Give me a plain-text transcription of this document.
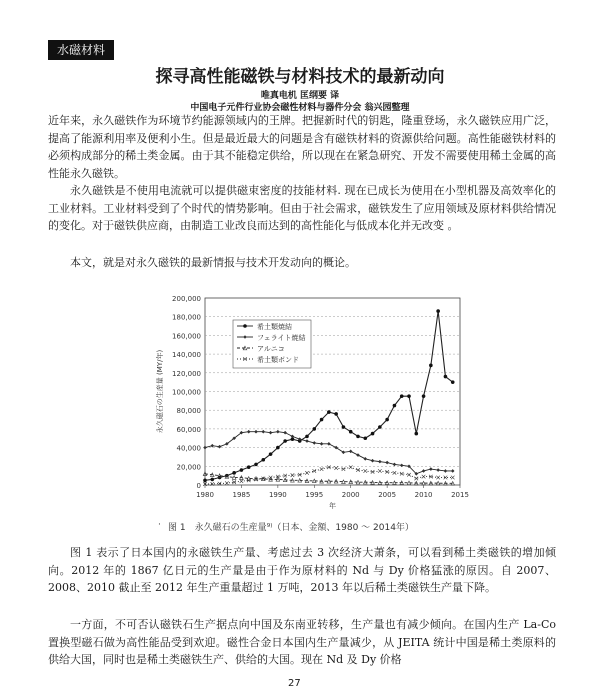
水磁材料
探寻高性能磁铁与材料技术的最新动向
唯真电机 匡纲要 译
中国电子元件行业协会磁性材料与器件分会 翁兴园整理

近年来，永久磁铁作为环境节约能源领域内的王牌。把握新时代的钥匙，隆重登场，永久磁铁应用广泛，提高了能源利用率及便利小生。但是最近最大的问题是含有磁铁材料的资源供给问题。高性能磁铁材料的必须构成部分的稀土类金属。由于其不能稳定供给，所以现在在紧急研究、开发不需要使用稀土金属的高性能永久磁铁。

永久磁铁是不使用电流就可以提供磁束密度的技能材料. 现在已成长为使用在小型机器及高效率化的工业材料。工业材料受到了个时代的情势影响。但由于社会需求，磁铁发生了应用领域及原材料供给情况的变化。对于磁铁供应商，由制造工业改良而达到的高性能化与低成本化并无改变 。

本文，就是对永久磁铁的最新情报与技术开发动向的概论。

0
20,000
40,000
60,000
80,000
100,000
120,000
140,000
160,000
180,000
200,000
1980	1985	1990	1995	2000	2005	2010	2015
年
永久磁石の生産量 (MY/年)
希土類焼結
フェライト焼結
アルニコ
希土類ボンド
· 图 1　永久磁石の生産量⁹⁾（日本、金額、1980 ～ 2014年）

图 1 表示了日本国内的永磁铁生产量、考虑过去 3 次经济大萧条，可以看到稀土类磁铁的增加倾向。2012 年的 1867 亿日元的生产量是由于作为原材料的 Nd 与 Dy 价格猛涨的原因。自 2007、2008、2010 截止至 2012 年生产重量超过 1 万吨，2013 年以后稀土类磁铁生产量下降。

一方面，不可否认磁铁石生产据点向中国及东南亚转移，生产量也有减少倾向。在国内生产 La-Co 置换型磁石做为高性能品受到欢迎。磁性合金日本国内生产量减少，从 JEITA 统计中国是稀土类原料的供给大国，同时也是稀土类磁铁生产、供给的大国。现在 Nd 及 Dy 价格

27
